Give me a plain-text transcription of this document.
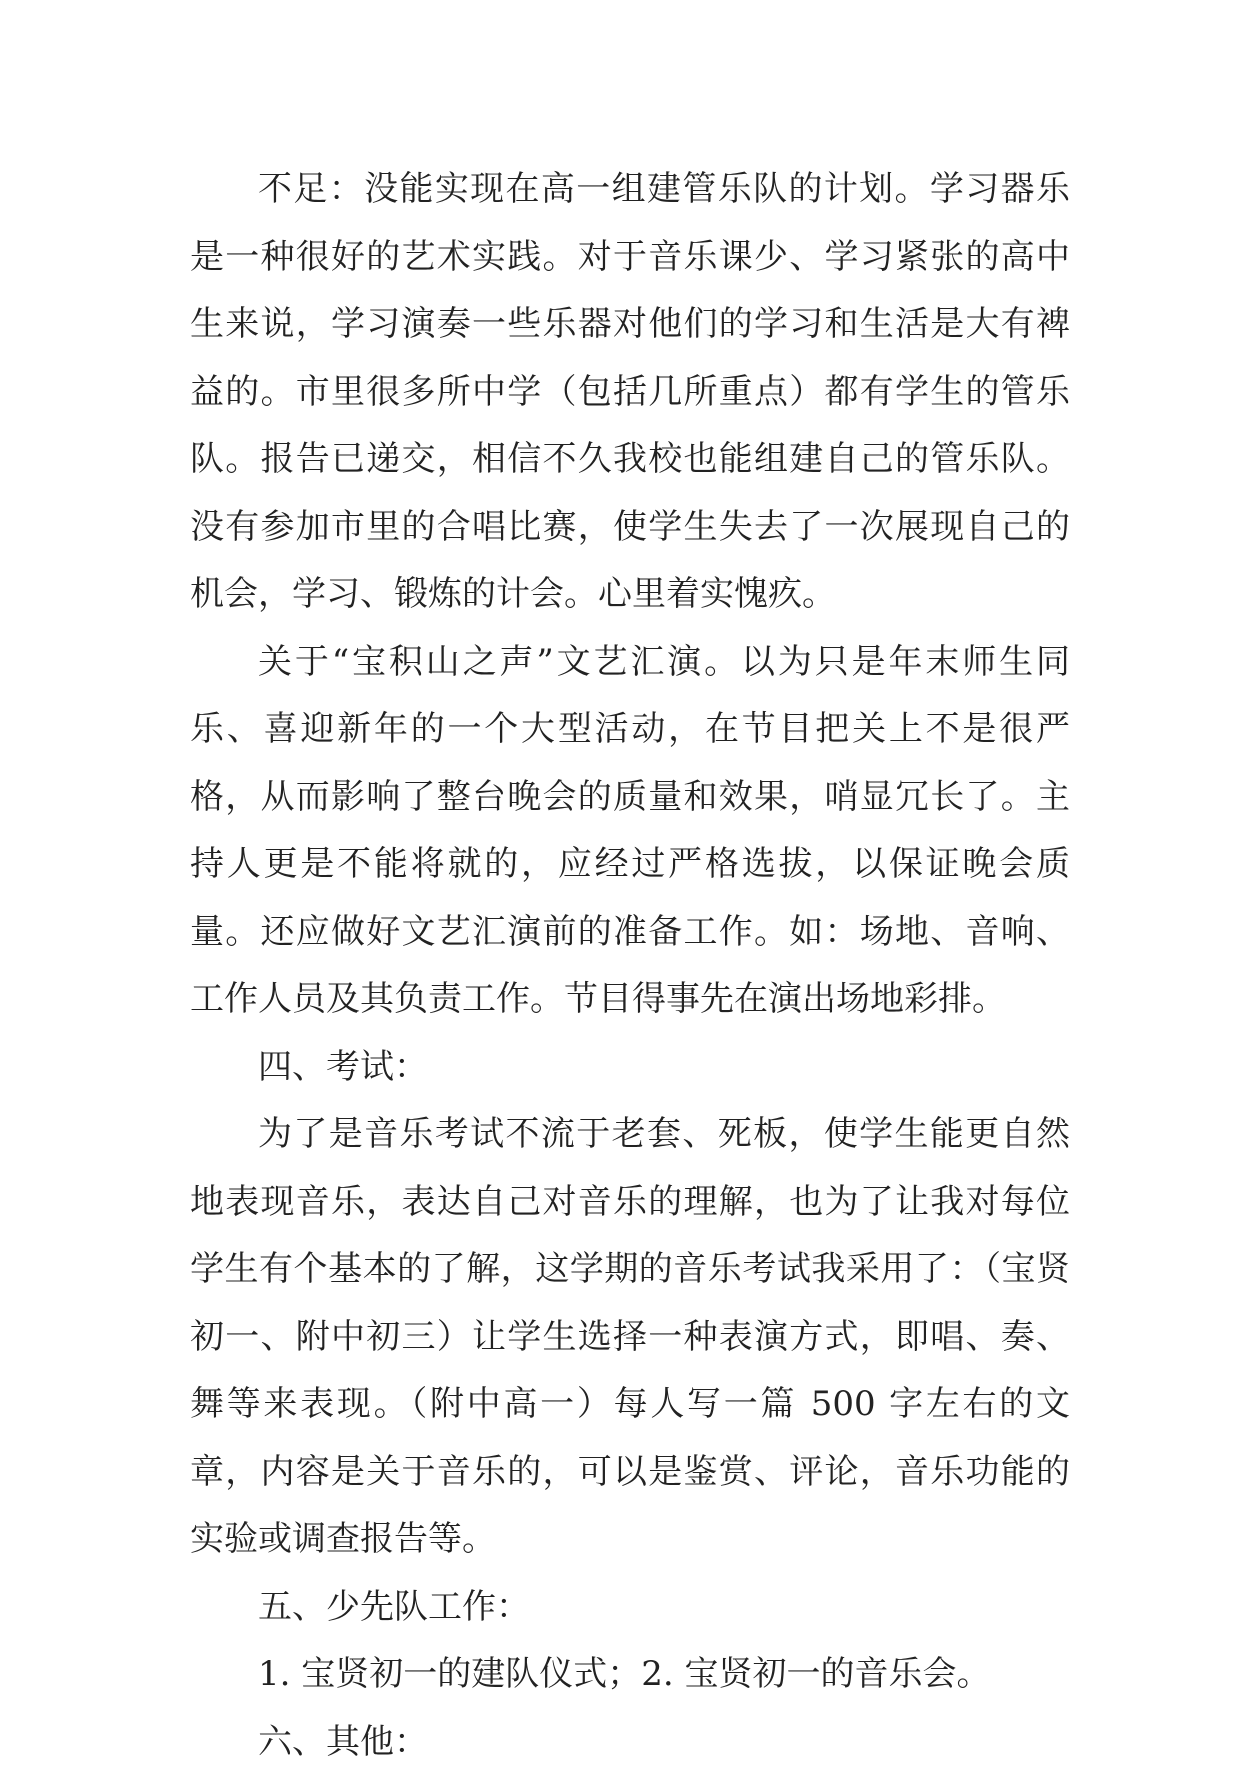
不足：没能实现在高一组建管乐队的计划。学习器乐是一种很好的艺术实践。对于音乐课少、学习紧张的高中生来说，学习演奏一些乐器对他们的学习和生活是大有裨益的。市里很多所中学（包括几所重点）都有学生的管乐队。报告已递交，相信不久我校也能组建自己的管乐队。没有参加市里的合唱比赛，使学生失去了一次展现自己的机会，学习、锻炼的计会。心里着实愧疚。

关于“宝积山之声”文艺汇演。以为只是年末师生同乐、喜迎新年的一个大型活动，在节目把关上不是很严格，从而影响了整台晚会的质量和效果，哨显冗长了。主持人更是不能将就的，应经过严格选拔，以保证晚会质量。还应做好文艺汇演前的准备工作。如：场地、音响、工作人员及其负责工作。节目得事先在演出场地彩排。

四、考试：

为了是音乐考试不流于老套、死板，使学生能更自然地表现音乐，表达自己对音乐的理解，也为了让我对每位学生有个基本的了解，这学期的音乐考试我采用了：（宝贤初一、附中初三）让学生选择一种表演方式，即唱、奏、舞等来表现。（附中高一）每人写一篇 500 字左右的文章，内容是关于音乐的，可以是鉴赏、评论，音乐功能的实验或调查报告等。

五、少先队工作：

1. 宝贤初一的建队仪式；2. 宝贤初一的音乐会。

六、其他：
